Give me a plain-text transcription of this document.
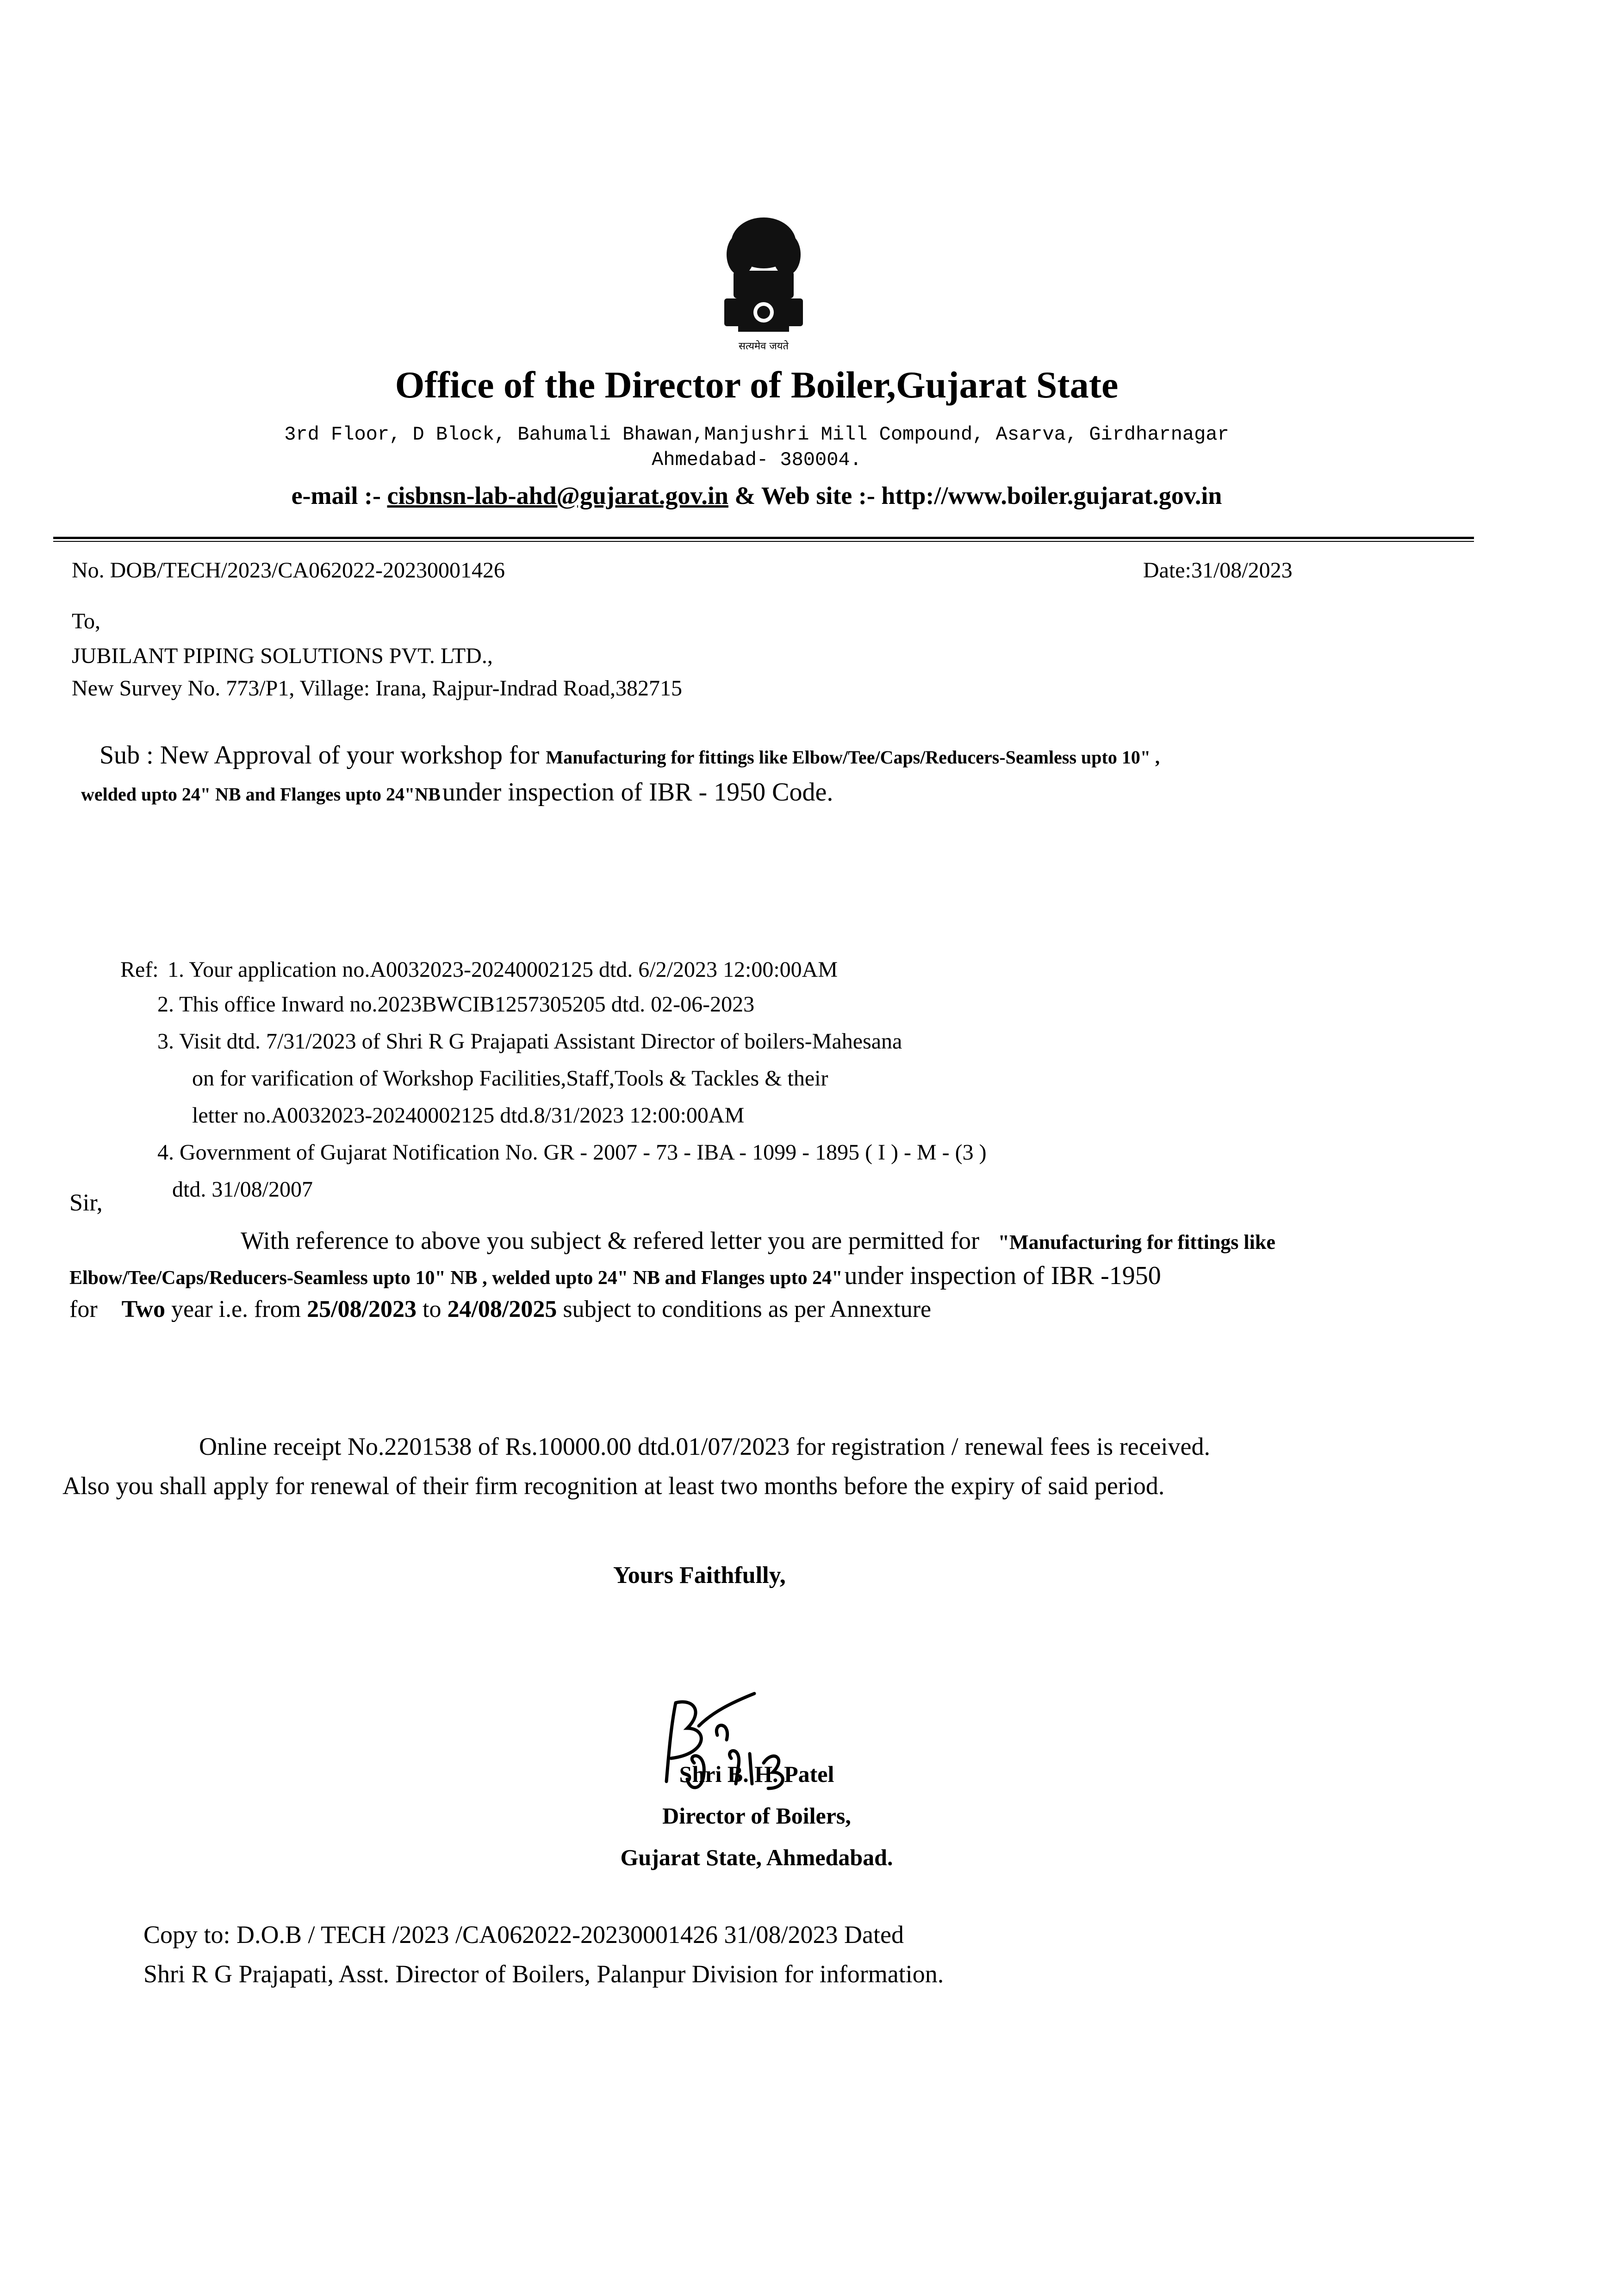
सत्यमेव जयते
Office of the Director of Boiler,Gujarat State
3rd Floor, D Block, Bahumali Bhawan,Manjushri Mill Compound, Asarva, Girdharnagar
Ahmedabad- 380004.
e-mail :- cisbnsn-lab-ahd@gujarat.gov.in & Web site :- http://www.boiler.gujarat.gov.in
No. DOB/TECH/2023/CA062022-20230001426	Date:31/08/2023
To,
JUBILANT PIPING SOLUTIONS PVT. LTD.,
New Survey No. 773/P1, Village: Irana, Rajpur-Indrad Road,382715
Sub : New Approval of your workshop for Manufacturing for fittings like Elbow/Tee/Caps/Reducers-Seamless upto 10" ,
welded upto 24" NB and Flanges upto 24"NB under inspection of IBR - 1950 Code.
Ref: 1. Your application no.A0032023-20240002125 dtd. 6/2/2023 12:00:00AM
2. This office Inward no.2023BWCIB1257305205 dtd. 02-06-2023
3. Visit dtd. 7/31/2023 of Shri R G Prajapati Assistant Director of boilers-Mahesana
on for varification of Workshop Facilities,Staff,Tools & Tackles & their
letter no.A0032023-20240002125 dtd.8/31/2023 12:00:00AM
4. Government of Gujarat Notification No. GR - 2007 - 73 - IBA - 1099 - 1895 ( I ) - M - (3 )
dtd. 31/08/2007
Sir,
With reference to above you subject & refered letter you are permitted for "Manufacturing for fittings like
Elbow/Tee/Caps/Reducers-Seamless upto 10" NB , welded upto 24" NB and Flanges upto 24" under inspection of IBR -1950
for Two year i.e. from 25/08/2023 to 24/08/2025 subject to conditions as per Annexture
Online receipt No.2201538 of Rs.10000.00 dtd.01/07/2023 for registration / renewal fees is received.
Also you shall apply for renewal of their firm recognition at least two months before the expiry of said period.
Yours Faithfully,
Shri B. H. Patel
Director of Boilers,
Gujarat State, Ahmedabad.
Copy to: D.O.B / TECH /2023 /CA062022-20230001426 31/08/2023 Dated
Shri R G Prajapati, Asst. Director of Boilers, Palanpur Division for information.
